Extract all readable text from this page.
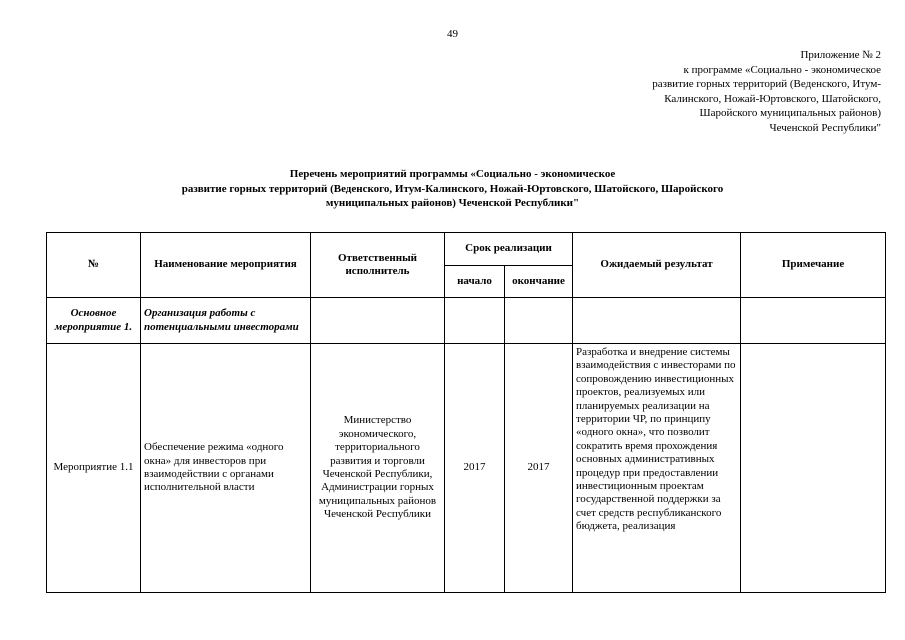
49
Приложение № 2
к программе «Социально - экономическое
развитие горных территорий (Веденского, Итум-
Калинского, Ножай-Юртовского, Шатойского,
Шаройского муниципальных районов)
Чеченской Республики"
Перечень мероприятий программы «Социально - экономическое
развитие горных территорий (Веденского, Итум-Калинского, Ножай-Юртовского, Шатойского, Шаройского
муниципальных районов) Чеченской Республики"
№	Наименование мероприятия	Ответственный исполнитель	Срок реализации		Ожидаемый результат	Примечание
			начало	окончание		
Основное мероприятие 1.	Организация работы с потенциальными инвесторами					
Мероприятие 1.1	Обеспечение режима «одного окна» для инвесторов при взаимодействии с органами исполнительной власти	Министерство экономического, территориального развития и торговли Чеченской Республики, Администрации горных муниципальных районов Чеченской Республики	2017	2017	Разработка и внедрение системы взаимодействия с инвесторами по сопровождению инвестиционных проектов, реализуемых или планируемых реализации на территории ЧР, по принципу «одного окна», что позволит сократить время прохождения основных административных процедур при предоставлении инвестиционным проектам государственной поддержки за счет средств республиканского бюджета, реализация	
